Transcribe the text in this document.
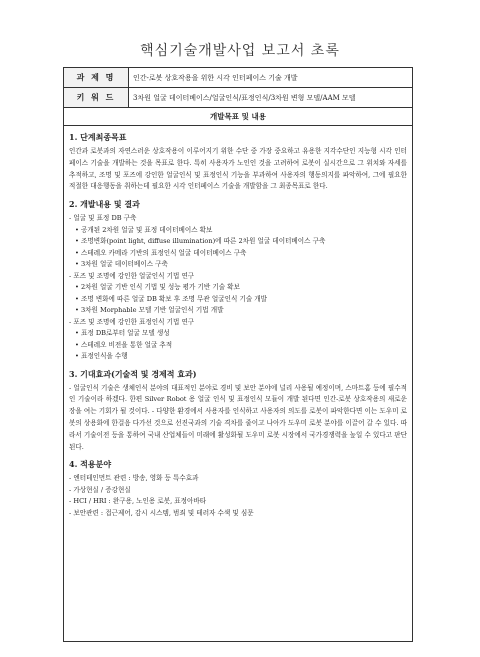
핵심기술개발사업 보고서 초록
과 제 명	인간-로봇 상호작용을 위한 시각 인터페이스 기술 개발
키 워 드	3차원 얼굴 데이터베이스/얼굴인식/표정인식/3차원 변형 모델/AAM 모델
개발목표 및 내용
1. 단계최종목표
인간과 로봇과의 자연스러운 상호작용이 이루어지기 위한 수단 중 가장 중요하고 유용한 지각수단인 지능형 시각 인터페이스 기술을 개발하는 것을 목표로 한다. 특히 사용자가 노인인 것을 고려하여 로봇이 실시간으로 그 위치와 자세를 추적하고, 조명 및 포즈에 강인한 얼굴인식 및 표정인식 기능을 부과하여 사용자의 행동의지를 파악하여, 그에 필요한 적절한 대응행동을 취하는데 필요한 시각 인터페이스 기술을 개발함을 그 최종목표로 한다.
2. 개발내용 및 결과
- 얼굴 및 표정 DB 구축
• 공개된 2차원 얼굴 및 표정 데이터베이스 확보
• 조명변화(point light, diffuse illumination)에 따른 2차원 얼굴 데이터베이스 구축
• 스테레오 카메라 기반의 표정인식 얼굴 데이터베이스 구축
• 3차원 얼굴 데이터베이스 구축
- 포즈 및 조명에 강인한 얼굴인식 기법 연구
• 2차원 얼굴 기반 인식 기법 및 성능 평가 기반 기술 확보
• 조명 변화에 따른 얼굴 DB 확보 후 조명 무관 얼굴인식 기술 개발
• 3차원 Morphable 모델 기반 얼굴인식 기법 개발
- 포즈 및 조명에 강인한 표정인식 기법 연구
• 표정 DB로부터 얼굴 모델 생성
• 스테레오 비전을 통한 얼굴 추적
• 표정인식을 수행
3. 기대효과(기술적 및 경제적 효과)
- 얼굴인식 기술은 생체인식 분야의 대표적인 분야로 경비 및 보안 분야에 널리 사용될 예정이며, 스마트홈 등에 필수적인 기술이라 하겠다. 한편 Silver Robot 용 얼굴 인식 및 표정인식 모듈이 개발 된다면 인간-로봇 상호작용의 새로운 장을 여는 기회가 될 것이다. - 다양한 환경에서 사용자를 인식하고 사용자의 의도를 로봇이 파악한다면 이는 도우미 로봇의 상용화에 한걸음 다가선 것으로 선진국과의 기술 격차를 줄이고 나아가 도우미 로봇 분야를 이끌어 갈 수 있다. 따라서 기술이전 등을 통하여 국내 산업체들이 미래에 활성화될 도우미 로봇 시장에서 국가경쟁력을 높일 수 있다고 판단된다.
4. 적용분야
- 엔터테인먼트 관련 : 방송, 영화 등 특수효과
- 가상현실 / 증강현실
- HCI / HRI : 완구용, 노인용 로봇, 표정아바타
- 보안관련 : 접근제어, 감시 시스템, 범죄 및 테러자 수색 및 심문
